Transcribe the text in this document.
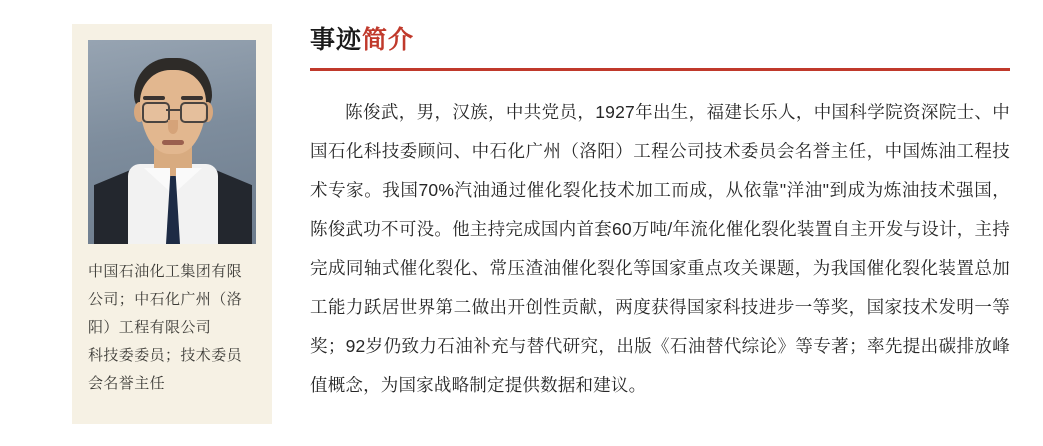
中国石油化工集团有限公司；中石化广州（洛阳）工程有限公司

科技委委员；技术委员会名誉主任

事迹简介

陈俊武，男，汉族，中共党员，1927年出生，福建长乐人，中国科学院资深院士、中国石化科技委顾问、中石化广州（洛阳）工程公司技术委员会名誉主任，中国炼油工程技术专家。我国70%汽油通过催化裂化技术加工而成，从依靠"洋油"到成为炼油技术强国，陈俊武功不可没。他主持完成国内首套60万吨/年流化催化裂化装置自主开发与设计，主持完成同轴式催化裂化、常压渣油催化裂化等国家重点攻关课题，为我国催化裂化装置总加工能力跃居世界第二做出开创性贡献，两度获得国家科技进步一等奖，国家技术发明一等奖；92岁仍致力石油补充与替代研究，出版《石油替代综论》等专著；率先提出碳排放峰值概念，为国家战略制定提供数据和建议。
